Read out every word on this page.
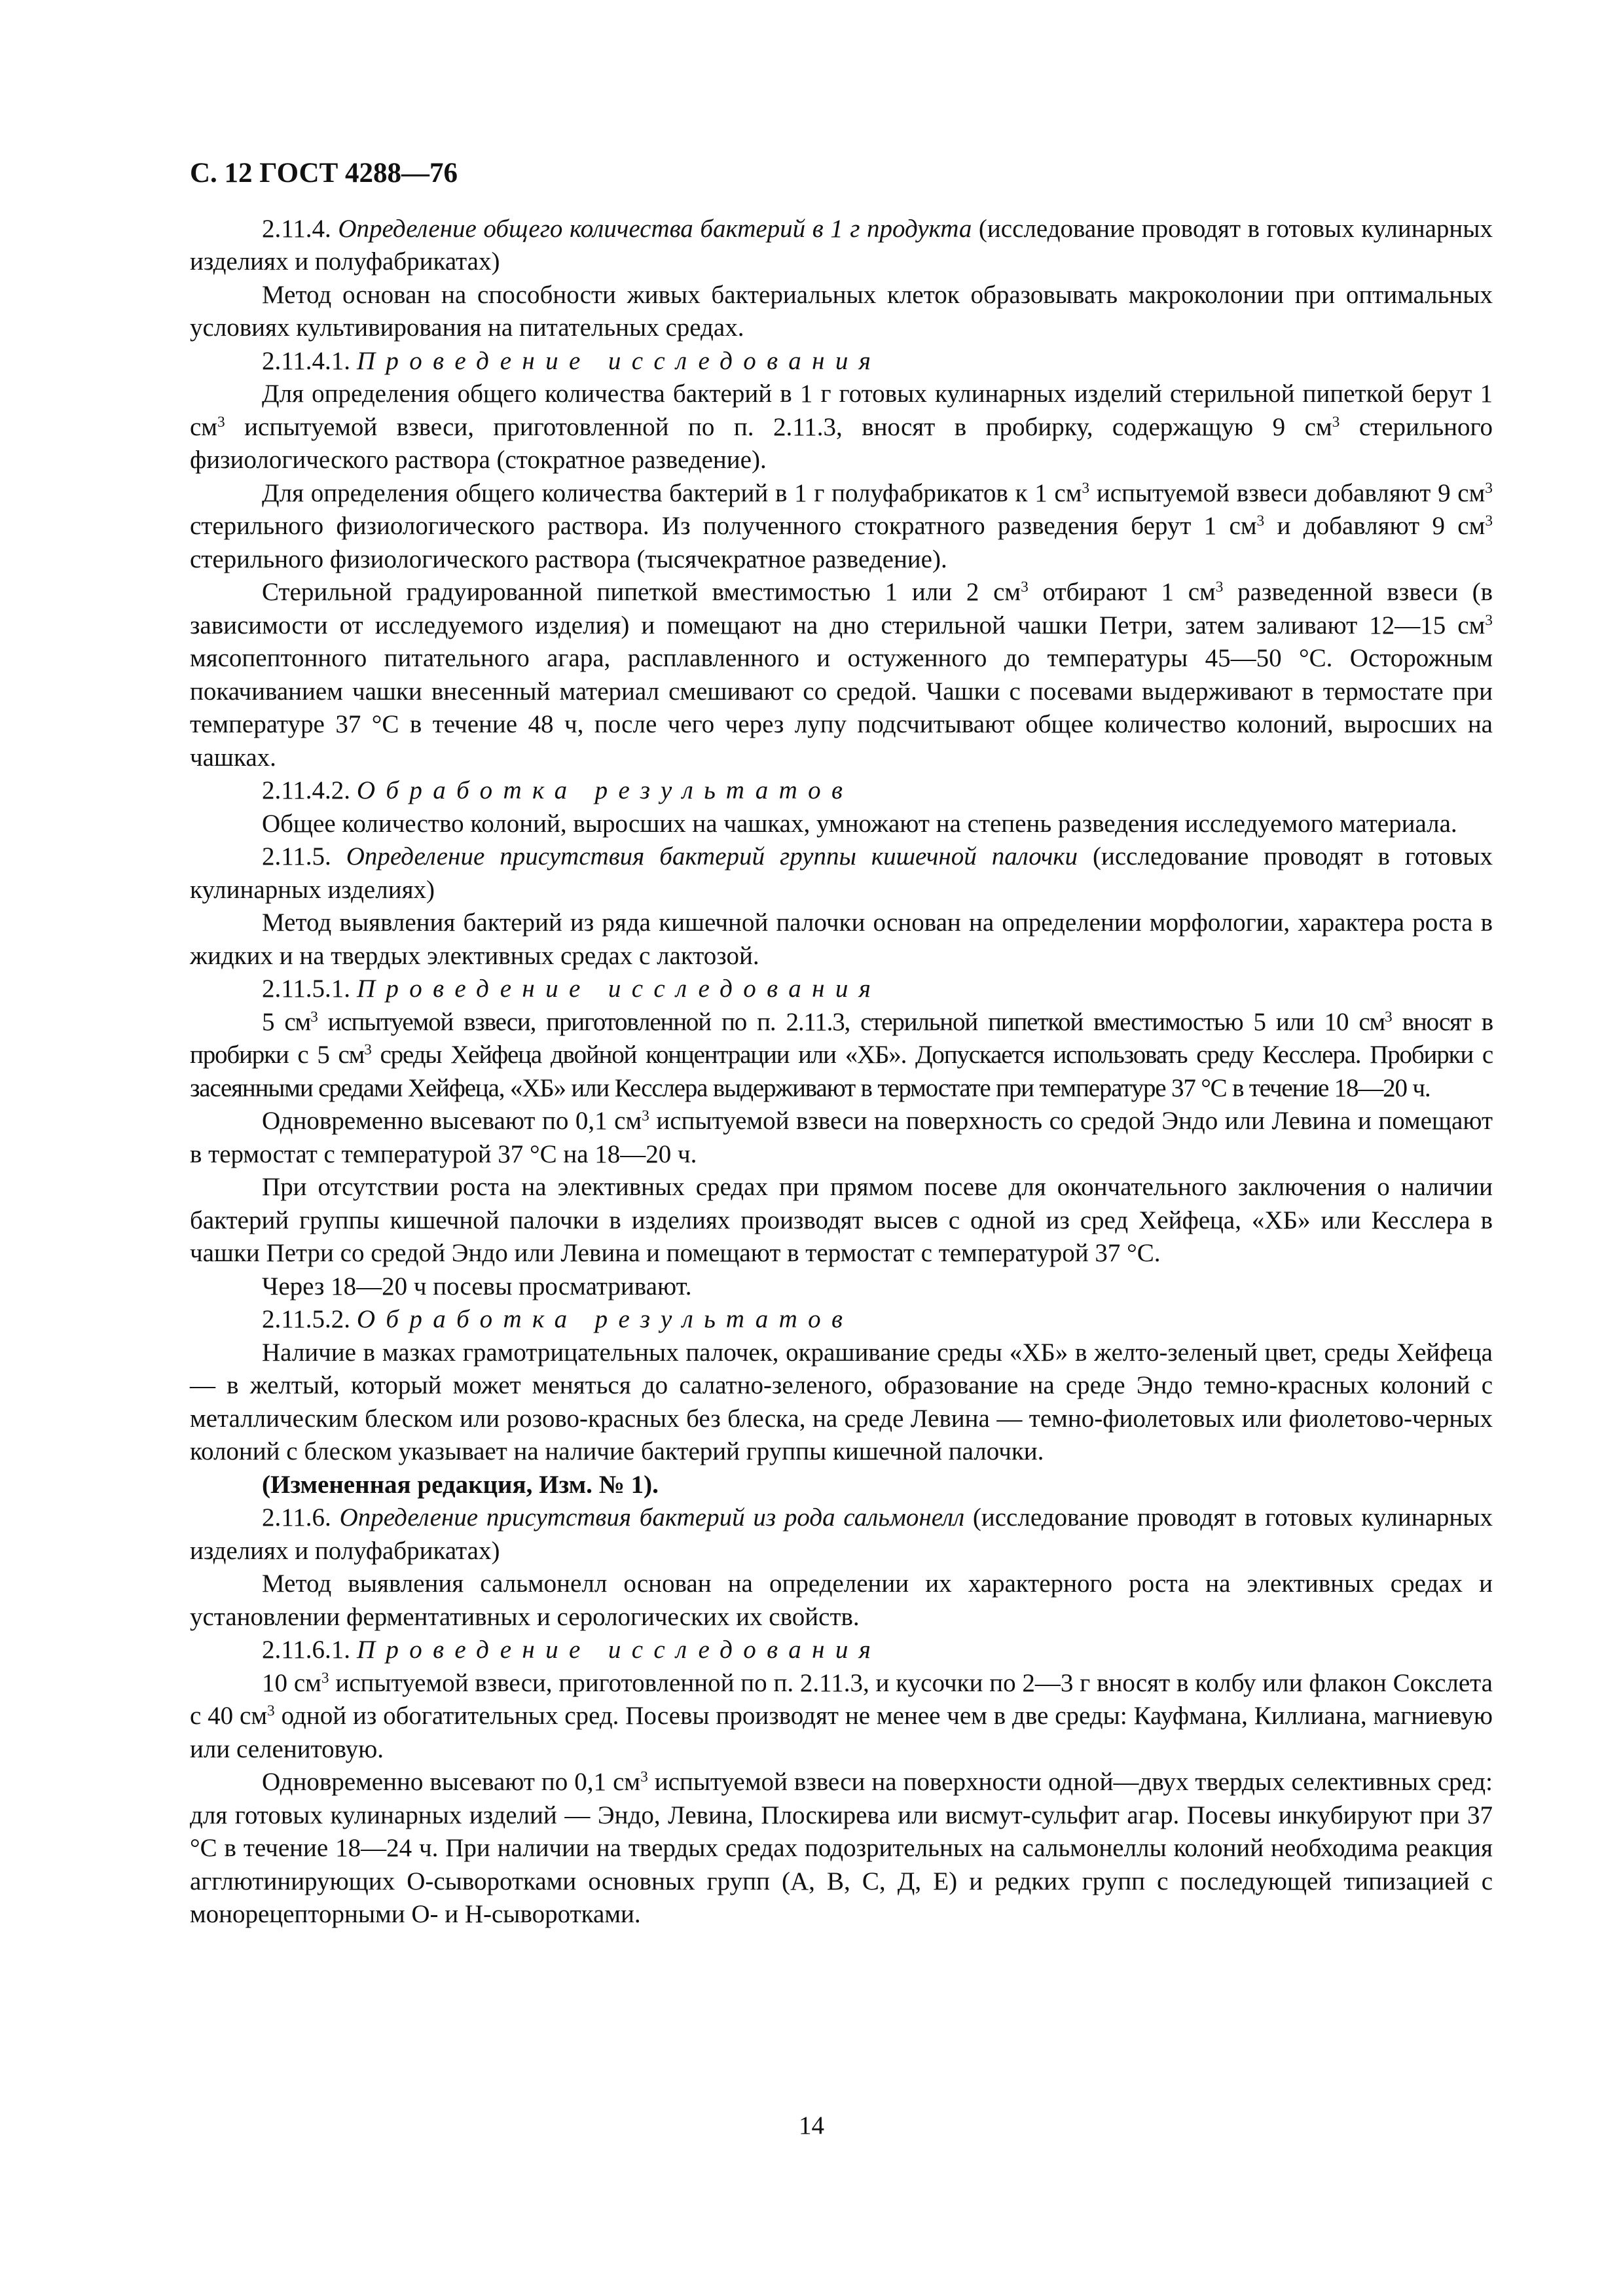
С. 12 ГОСТ 4288—76

2.11.4. Определение общего количества бактерий в 1 г продукта (исследование проводят в готовых кулинарных изделиях и полуфабрикатах)

Метод основан на способности живых бактериальных клеток образовывать макроколонии при оптимальных условиях культивирования на питательных средах.

2.11.4.1. Проведение исследования

Для определения общего количества бактерий в 1 г готовых кулинарных изделий стерильной пипеткой берут 1 $см^3$ испытуемой взвеси, приготовленной по п. 2.11.3, вносят в пробирку, содержащую 9 $см^3$ стерильного физиологического раствора (стократное разведение).

Для определения общего количества бактерий в 1 г полуфабрикатов к 1 $см^3$ испытуемой взвеси добавляют 9 $см^3$ стерильного физиологического раствора. Из полученного стократного разведения берут 1 $см^3$ и добавляют 9 $см^3$ стерильного физиологического раствора (тысячекратное разведение).

Стерильной градуированной пипеткой вместимостью 1 или 2 $см^3$ отбирают 1 $см^3$ разведенной взвеси (в зависимости от исследуемого изделия) и помещают на дно стерильной чашки Петри, затем заливают 12—15 $см^3$ мясопептонного питательного агара, расплавленного и остуженного до температуры 45—50 °С. Осторожным покачиванием чашки внесенный материал смешивают со средой. Чашки с посевами выдерживают в термостате при температуре 37 °С в течение 48 ч, после чего через лупу подсчитывают общее количество колоний, выросших на чашках.

2.11.4.2. Обработка результатов

Общее количество колоний, выросших на чашках, умножают на степень разведения исследуемого материала.

2.11.5. Определение присутствия бактерий группы кишечной палочки (исследование проводят в готовых кулинарных изделиях)

Метод выявления бактерий из ряда кишечной палочки основан на определении морфологии, характера роста в жидких и на твердых элективных средах с лактозой.

2.11.5.1. Проведение исследования

5 $см^3$ испытуемой взвеси, приготовленной по п. 2.11.3, стерильной пипеткой вместимостью 5 или 10 $см^3$ вносят в пробирки с 5 $см^3$ среды Хейфеца двойной концентрации или «ХБ». Допускается использовать среду Кесслера. Пробирки с засеянными средами Хейфеца, «ХБ» или Кесслера выдерживают в термостате при температуре 37 °С в течение 18—20 ч.

Одновременно высевают по 0,1 $см^3$ испытуемой взвеси на поверхность со средой Эндо или Левина и помещают в термостат с температурой 37 °С на 18—20 ч.

При отсутствии роста на элективных средах при прямом посеве для окончательного заключения о наличии бактерий группы кишечной палочки в изделиях производят высев с одной из сред Хейфеца, «ХБ» или Кесслера в чашки Петри со средой Эндо или Левина и помещают в термостат с температурой 37 °С.

Через 18—20 ч посевы просматривают.

2.11.5.2. Обработка результатов

Наличие в мазках грамотрицательных палочек, окрашивание среды «ХБ» в желто-зеленый цвет, среды Хейфеца — в желтый, который может меняться до салатно-зеленого, образование на среде Эндо темно-красных колоний с металлическим блеском или розово-красных без блеска, на среде Левина — темно-фиолетовых или фиолетово-черных колоний с блеском указывает на наличие бактерий группы кишечной палочки.

(Измененная редакция, Изм. № 1).

2.11.6. Определение присутствия бактерий из рода сальмонелл (исследование проводят в готовых кулинарных изделиях и полуфабрикатах)

Метод выявления сальмонелл основан на определении их характерного роста на элективных средах и установлении ферментативных и серологических их свойств.

2.11.6.1. Проведение исследования

10 $см^3$ испытуемой взвеси, приготовленной по п. 2.11.3, и кусочки по 2—3 г вносят в колбу или флакон Сокслета с 40 $см^3$ одной из обогатительных сред. Посевы производят не менее чем в две среды: Кауфмана, Киллиана, магниевую или селенитовую.

Одновременно высевают по 0,1 $см^3$ испытуемой взвеси на поверхности одной—двух твердых селективных сред: для готовых кулинарных изделий — Эндо, Левина, Плоскирева или висмут-сульфит агар. Посевы инкубируют при 37 °С в течение 18—24 ч. При наличии на твердых средах подозрительных на сальмонеллы колоний необходима реакция агглютинирующих О-сыворотками основных групп (А, В, С, Д, Е) и редких групп с последующей типизацией с монорецепторными О- и Н-сыворотками.

14
